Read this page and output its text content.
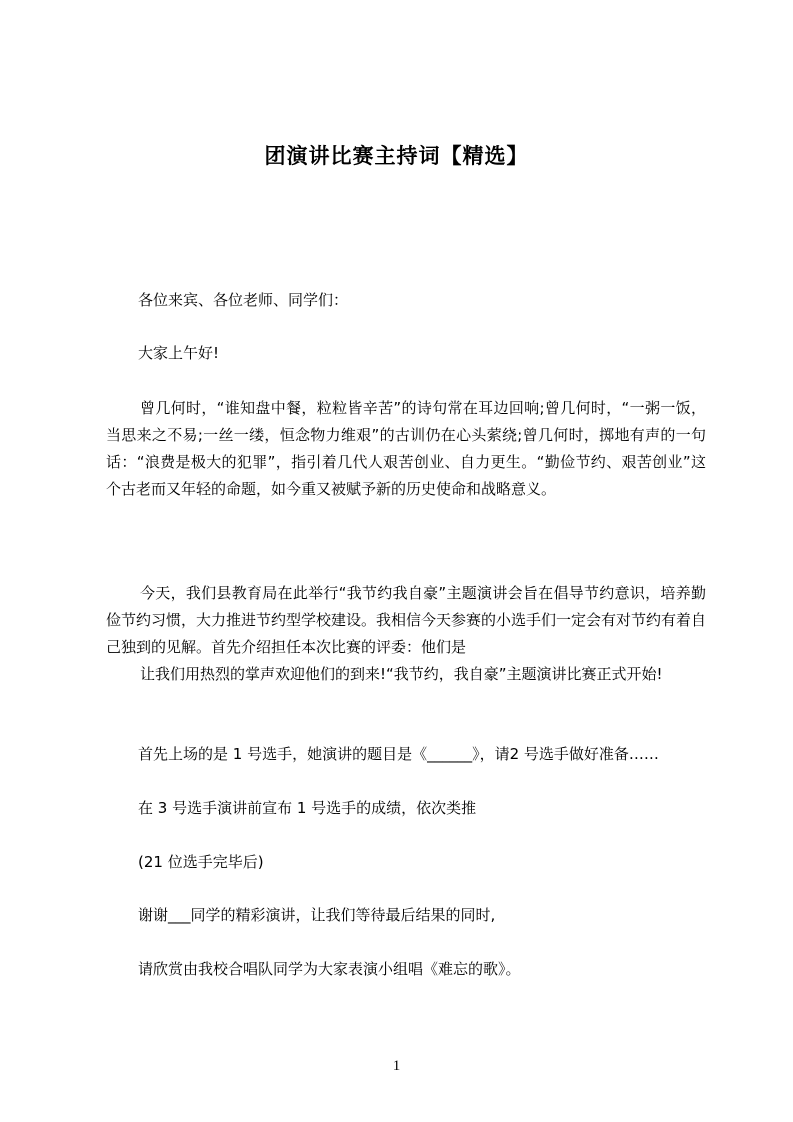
团演讲比赛主持词【精选】

各位来宾、各位老师、同学们：

大家上午好!

曾几何时，“谁知盘中餐，粒粒皆辛苦”的诗句常在耳边回响;曾几何时，“一粥一饭，当思来之不易;一丝一缕，恒念物力维艰”的古训仍在心头萦绕;曾几何时，掷地有声的一句话：“浪费是极大的犯罪”，指引着几代人艰苦创业、自力更生。“勤俭节约、艰苦创业”这个古老而又年轻的命题，如今重又被赋予新的历史使命和战略意义。

今天，我们县教育局在此举行“我节约我自豪”主题演讲会旨在倡导节约意识，培养勤俭节约习惯，大力推进节约型学校建设。我相信今天参赛的小选手们一定会有对节约有着自己独到的见解。首先介绍担任本次比赛的评委：他们是

让我们用热烈的掌声欢迎他们的到来!“我节约，我自豪”主题演讲比赛正式开始!

首先上场的是 1 号选手，她演讲的题目是《______》，请2 号选手做好准备……

在 3 号选手演讲前宣布 1 号选手的成绩，依次类推

(21 位选手完毕后)

谢谢___同学的精彩演讲，让我们等待最后结果的同时,

请欣赏由我校合唱队同学为大家表演小组唱《难忘的歌》。

1
